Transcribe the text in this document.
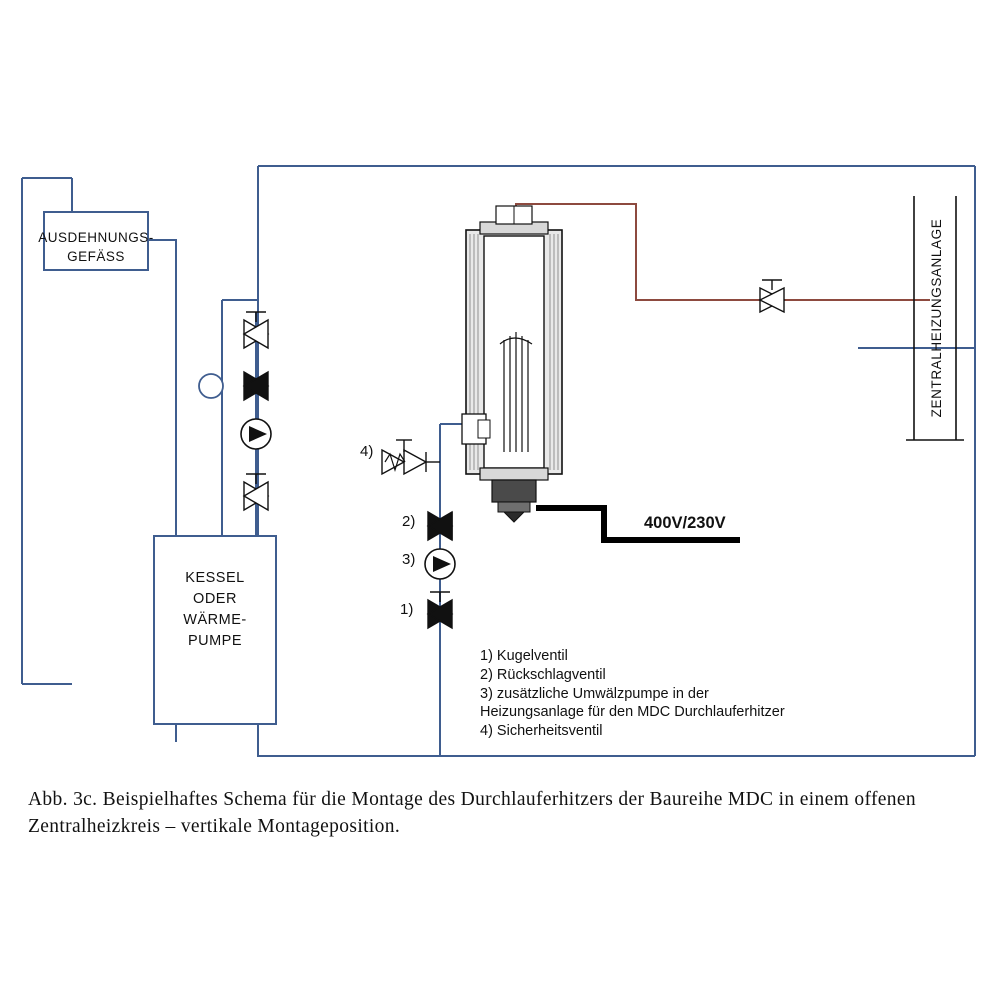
ZENTRALHEIZUNGSANLAGE
400V/230V
4)
2)
3)
1)
AUSDEHNUNGS-
GEFÄSS
KESSEL
ODER
WÄRME-
PUMPE
1) Kugelventil
2) Rückschlagventil
3) zusätzliche Umwälzpumpe in der
Heizungsanlage für den MDC Durchlauferhitzer
4) Sicherheitsventil
Abb. 3c. Beispielhaftes Schema für die Montage des Durchlauferhitzers der Baureihe MDC in einem offenen Zentralheizkreis – vertikale Montageposition.
